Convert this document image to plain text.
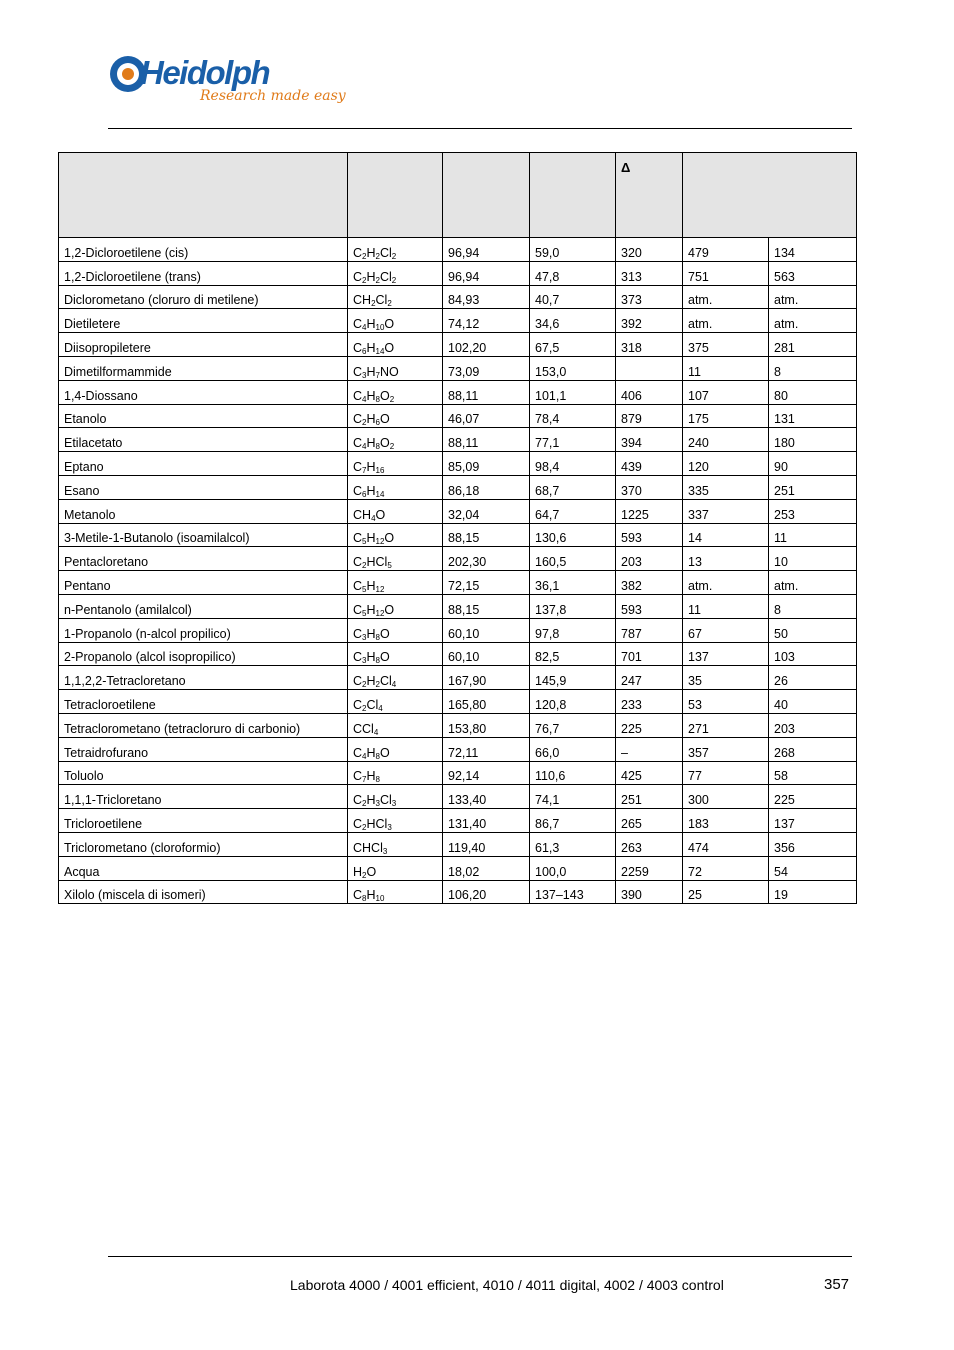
Heidolph
Research made easy
				Δ		
1,2-Dicloroetilene (cis)	$C_2H_2Cl_2$	96,94	59,0	320	479	134
1,2-Dicloroetilene (trans)	$C_2H_2Cl_2$	96,94	47,8	313	751	563
Diclorometano (cloruro di metilene)	$CH_2Cl_2$	84,93	40,7	373	atm.	atm.
Dietiletere	$C_4H_{10}O$	74,12	34,6	392	atm.	atm.
Diisopropiletere	$C_6H_{14}O$	102,20	67,5	318	375	281
Dimetilformammide	$C_3H_7NO$	73,09	153,0		11	8
1,4-Diossano	$C_4H_8O_2$	88,11	101,1	406	107	80
Etanolo	$C_2H_6O$	46,07	78,4	879	175	131
Etilacetato	$C_4H_8O_2$	88,11	77,1	394	240	180
Eptano	$C_7H_{16}$	85,09	98,4	439	120	90
Esano	$C_6H_{14}$	86,18	68,7	370	335	251
Metanolo	$CH_4O$	32,04	64,7	1225	337	253
3-Metile-1-Butanolo (isoamilalcol)	$C_5H_{12}O$	88,15	130,6	593	14	11
Pentacloretano	$C_2HCl_5$	202,30	160,5	203	13	10
Pentano	$C_5H_{12}$	72,15	36,1	382	atm.	atm.
n-Pentanolo (amilalcol)	$C_5H_{12}O$	88,15	137,8	593	11	8
1-Propanolo (n-alcol propilico)	$C_3H_8O$	60,10	97,8	787	67	50
2-Propanolo (alcol isopropilico)	$C_3H_8O$	60,10	82,5	701	137	103
1,1,2,2-Tetracloretano	$C_2H_2Cl_4$	167,90	145,9	247	35	26
Tetracloroetilene	$C_2Cl_4$	165,80	120,8	233	53	40
Tetraclorometano (tetracloruro di carbonio)	CCl$_4$	153,80	76,7	225	271	203
Tetraidrofurano	$C_4H_8O$	72,11	66,0	–	357	268
Toluolo	$C_7H_8$	92,14	110,6	425	77	58
1,1,1-Tricloretano	$C_2H_3Cl_3$	133,40	74,1	251	300	225
Tricloroetilene	$C_2HCl_3$	131,40	86,7	265	183	137
Triclorometano (cloroformio)	CHCl$_3$	119,40	61,3	263	474	356
Acqua	$H_2O$	18,02	100,0	2259	72	54
Xilolo (miscela di isomeri)	$C_8H_{10}$	106,20	137–143	390	25	19
Laborota 4000 / 4001 efficient, 4010 / 4011 digital, 4002 / 4003 control	357
